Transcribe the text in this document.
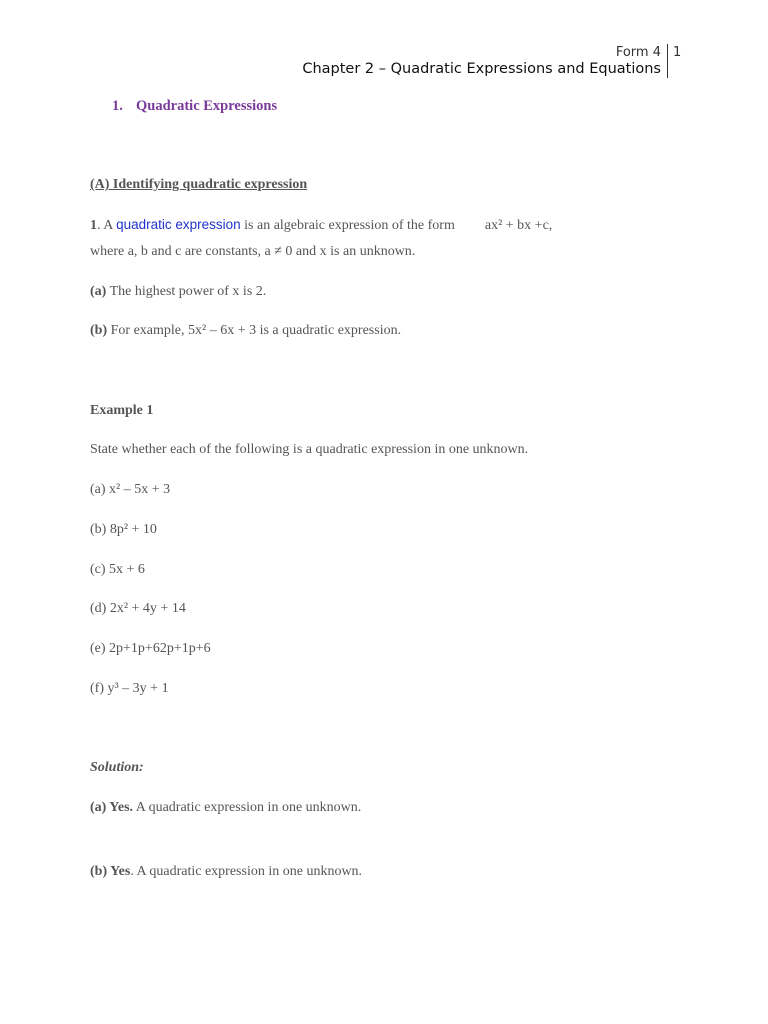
Form 4
Chapter 2 – Quadratic Expressions and Equations
1
1. Quadratic Expressions
(A) Identifying quadratic expression
1. A quadratic expression is an algebraic expression of the form ax² + bx +c,
where a, b and c are constants, a ≠ 0 and x is an unknown.
(a) The highest power of x is 2.
(b) For example, 5x² – 6x + 3 is a quadratic expression.
Example 1
State whether each of the following is a quadratic expression in one unknown.
(a) x² – 5x + 3
(b) 8p² + 10
(c) 5x + 6
(d) 2x² + 4y + 14
(e) 2p+1p+62p+1p+6
(f) y³ – 3y + 1
Solution:
(a) Yes. A quadratic expression in one unknown.
(b) Yes. A quadratic expression in one unknown.
